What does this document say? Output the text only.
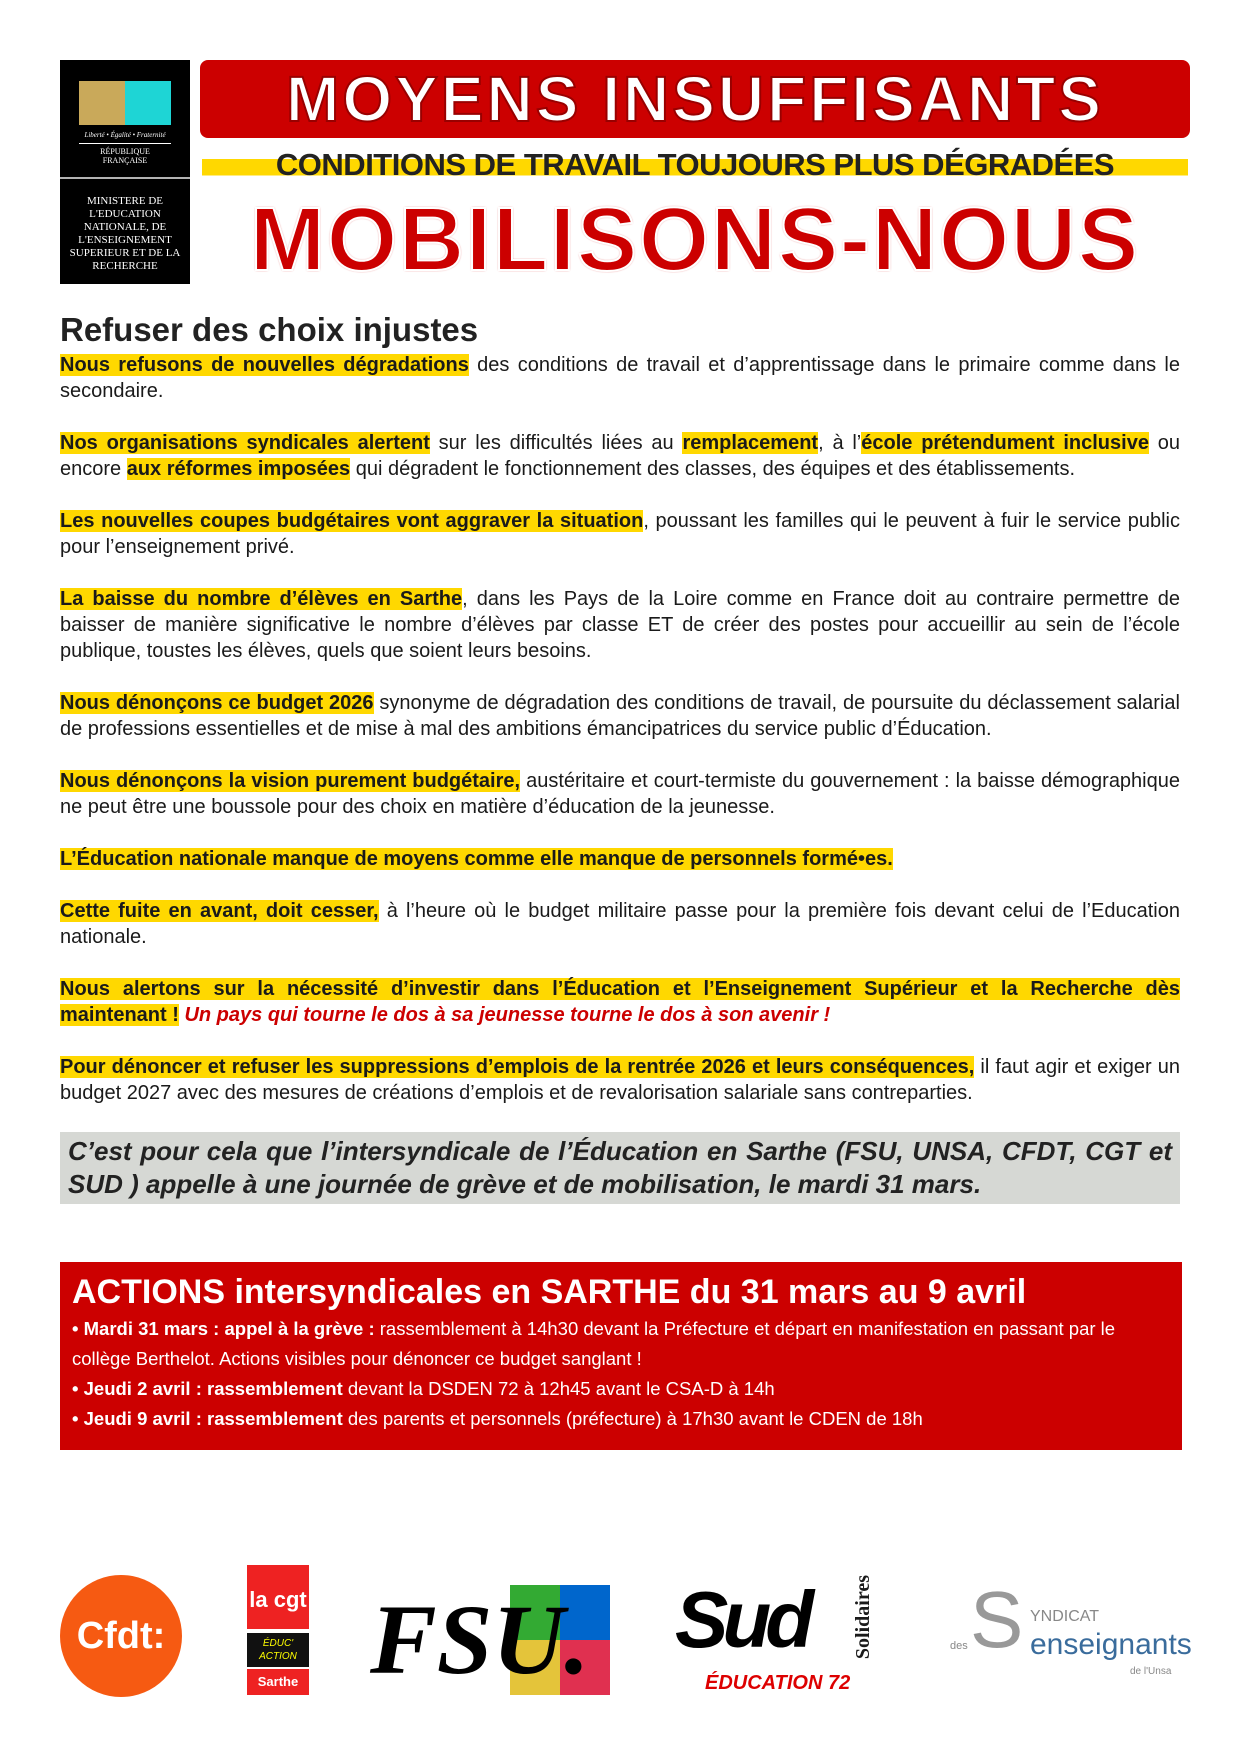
Liberté • Égalité • Fraternité
RÉPUBLIQUE FRANÇAISE
MINISTERE DE L'EDUCATION NATIONALE, DE L'ENSEIGNEMENT SUPERIEUR ET DE LA RECHERCHE
MOYENS INSUFFISANTS
CONDITIONS DE TRAVAIL TOUJOURS PLUS DÉGRADÉES
MOBILISONS-NOUS
Refuser des choix injustes
Nous refusons de nouvelles dégradations des conditions de travail et d’apprentissage dans le primaire comme dans le secondaire.
Nos organisations syndicales alertent sur les difficultés liées au remplacement, à l’école prétendument inclusive ou encore aux réformes imposées qui dégradent le fonctionnement des classes, des équipes et des établissements.
Les nouvelles coupes budgétaires vont aggraver la situation, poussant les familles qui le peuvent à fuir le service public pour l’enseignement privé.
La baisse du nombre d’élèves en Sarthe, dans les Pays de la Loire comme en France doit au contraire permettre de baisser de manière significative le nombre d’élèves par classe ET de créer des postes pour accueillir au sein de l’école publique, toustes les élèves, quels que soient leurs besoins.
Nous dénonçons ce budget 2026 synonyme de dégradation des conditions de travail, de poursuite du déclassement salarial de professions essentielles et de mise à mal des ambitions émancipatrices du service public d’Éducation.
Nous dénonçons la vision purement budgétaire, austéritaire et court-termiste du gouvernement : la baisse démographique ne peut être une boussole pour des choix en matière d’éducation de la jeunesse.
L’Éducation nationale manque de moyens comme elle manque de personnels formé•es.
Cette fuite en avant, doit cesser, à l’heure où le budget militaire passe pour la première fois devant celui de l’Education nationale.
Nous alertons sur la nécessité d’investir dans l’Éducation et l’Enseignement Supérieur et la Recherche dès maintenant ! Un pays qui tourne le dos à sa jeunesse tourne le dos à son avenir !
Pour dénoncer et refuser les suppressions d’emplois de la rentrée 2026 et leurs conséquences, il faut agir et exiger un budget 2027 avec des mesures de créations d’emplois et de revalorisation salariale sans contreparties.
C’est pour cela que l’intersyndicale de l’Éducation en Sarthe (FSU, UNSA, CFDT, CGT et SUD ) appelle à une journée de grève et de mobilisation, le mardi 31 mars.
ACTIONS intersyndicales en SARTHE du 31 mars au 9 avril
• Mardi 31 mars : appel à la grève : rassemblement à 14h30 devant la Préfecture et départ en manifestation en passant par le collège Berthelot. Actions visibles pour dénoncer ce budget sanglant !
• Jeudi 2 avril : rassemblement devant la DSDEN 72 à 12h45 avant le CSA-D à 14h
• Jeudi 9 avril : rassemblement des parents et personnels (préfecture) à 17h30 avant le CDEN de 18h
Cfdt:
la cgt
ÉDUC' ACTION
Sarthe FSU. Sud
ÉDUCATION 72
Solidaires S YNDICAT
des enseignants
de l'Unsa
